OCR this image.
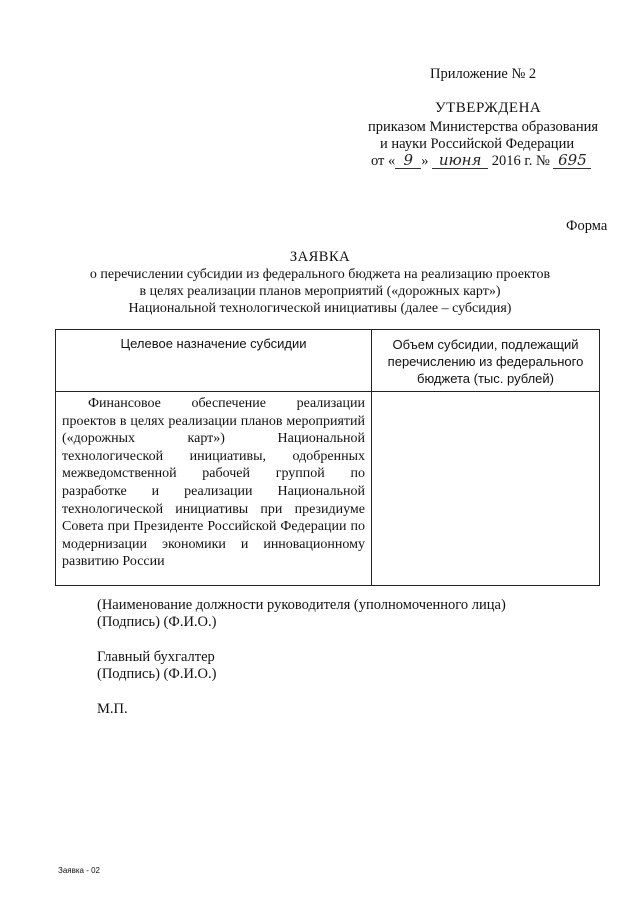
Приложение № 2
УТВЕРЖДЕНА
приказом Министерства образования
и науки Российской Федерации
от « 9 » июня 2016 г. № 695
Форма
ЗАЯВКА
о перечислении субсидии из федерального бюджета на реализацию проектов
в целях реализации планов мероприятий («дорожных карт»)
Национальной технологической инициативы (далее – субсидия)
Целевое назначение субсидии	Объем субсидии, подлежащий перечислению из федерального бюджета (тыс. рублей)

Финансовое обеспечение реализации проектов в целях реализации планов мероприятий («дорожных карт») Национальной технологической инициативы, одобренных межведомственной рабочей группой по разработке и реализации Национальной технологической инициативы при президиуме Совета при Президенте Российской Федерации по модернизации экономики и инновационному развитию России	

(Наименование должности руководителя (уполномоченного лица)
(Подпись) (Ф.И.О.)
Главный бухгалтер
(Подпись) (Ф.И.О.)
М.П.
Заявка - 02
